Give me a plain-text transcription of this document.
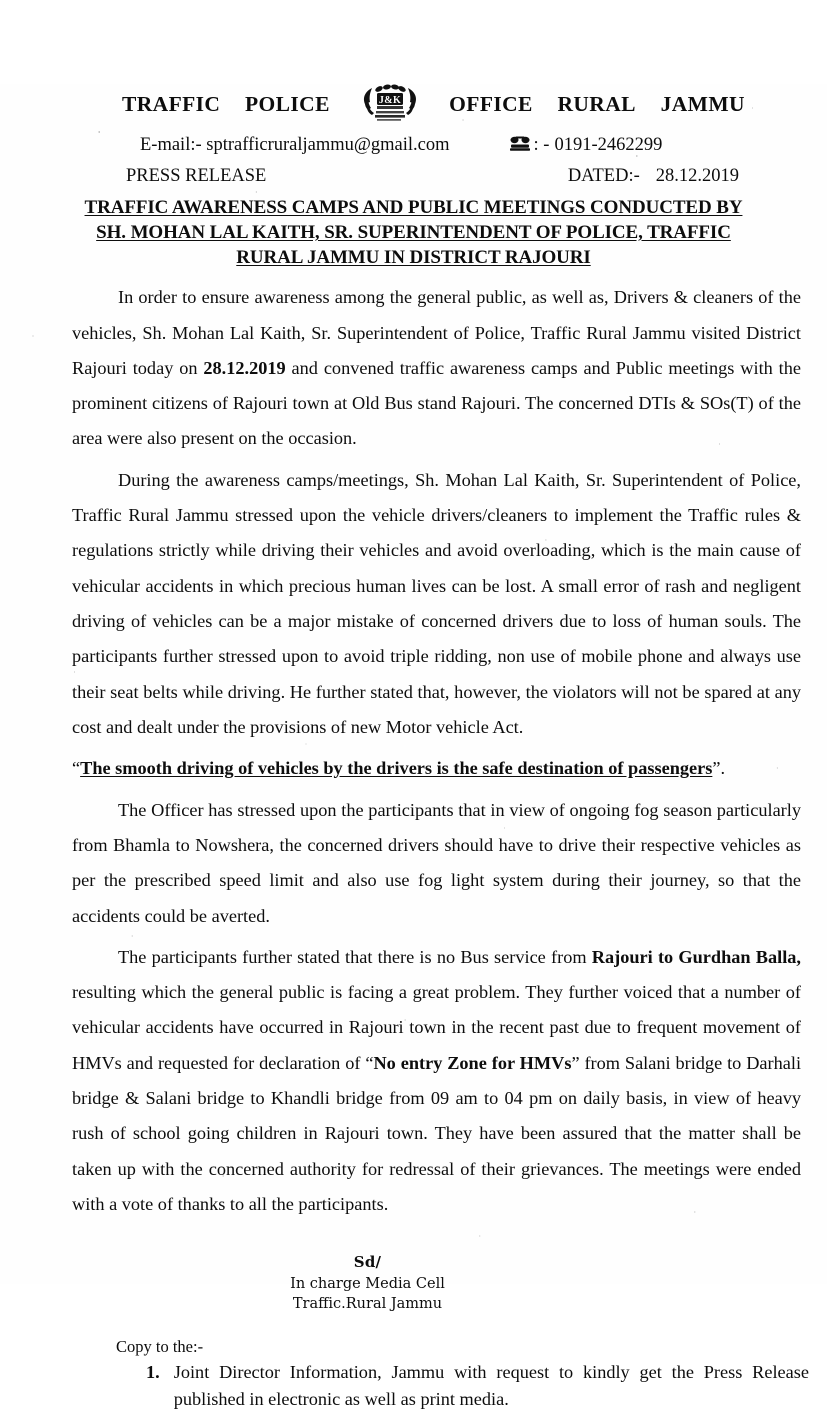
TRAFFIC POLICE	J&K OFFICE RURAL JAMMU
E-mail:- sptrafficruraljammu@gmail.com	: - 0191-2462299
PRESS RELEASE	DATED:- 28.12.2019
TRAFFIC AWARENESS CAMPS AND PUBLIC MEETINGS CONDUCTED BY
SH. MOHAN LAL KAITH, SR. SUPERINTENDENT OF POLICE, TRAFFIC
RURAL JAMMU IN DISTRICT RAJOURI

In order to ensure awareness among the general public, as well as, Drivers & cleaners of the vehicles, Sh. Mohan Lal Kaith, Sr. Superintendent of Police, Traffic Rural Jammu visited District Rajouri today on 28.12.2019 and convened traffic awareness camps and Public meetings with the prominent citizens of Rajouri town at Old Bus stand Rajouri. The concerned DTIs & SOs(T) of the area were also present on the occasion.

During the awareness camps/meetings, Sh. Mohan Lal Kaith, Sr. Superintendent of Police, Traffic Rural Jammu stressed upon the vehicle drivers/cleaners to implement the Traffic rules & regulations strictly while driving their vehicles and avoid overloading, which is the main cause of vehicular accidents in which precious human lives can be lost. A small error of rash and negligent driving of vehicles can be a major mistake of concerned drivers due to loss of human souls. The participants further stressed upon to avoid triple ridding, non use of mobile phone and always use their seat belts while driving. He further stated that, however, the violators will not be spared at any cost and dealt under the provisions of new Motor vehicle Act.

“The smooth driving of vehicles by the drivers is the safe destination of passengers”.

The Officer has stressed upon the participants that in view of ongoing fog season particularly from Bhamla to Nowshera, the concerned drivers should have to drive their respective vehicles as per the prescribed speed limit and also use fog light system during their journey, so that the accidents could be averted.

The participants further stated that there is no Bus service from Rajouri to Gurdhan Balla, resulting which the general public is facing a great problem. They further voiced that a number of vehicular accidents have occurred in Rajouri town in the recent past due to frequent movement of HMVs and requested for declaration of “No entry Zone for HMVs” from Salani bridge to Darhali bridge & Salani bridge to Khandli bridge from 09 am to 04 pm on daily basis, in view of heavy rush of school going children in Rajouri town. They have been assured that the matter shall be taken up with the concerned authority for redressal of their grievances. The meetings were ended with a vote of thanks to all the participants.

Sd/
In charge Media Cell
Traffic.Rural Jammu
Copy to the:-
1. Joint Director Information, Jammu with request to kindly get the Press Release published in electronic as well as print media.
